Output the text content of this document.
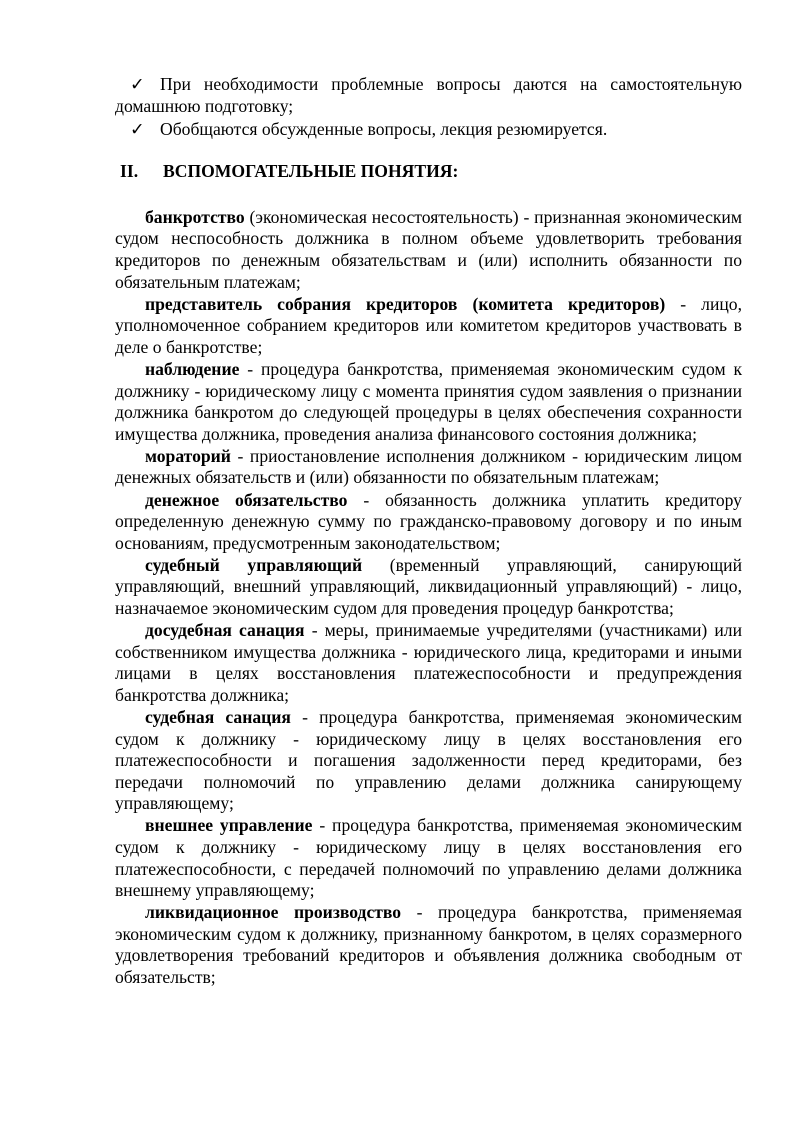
✓ При необходимости проблемные вопросы даются на самостоятельную домашнюю подготовку;
✓ Обобщаются обсужденные вопросы, лекция резюмируется.
II. ВСПОМОГАТЕЛЬНЫЕ ПОНЯТИЯ:

банкротство (экономическая несостоятельность) - признанная экономическим судом неспособность должника в полном объеме удовлетворить требования кредиторов по денежным обязательствам и (или) исполнить обязанности по обязательным платежам;

представитель собрания кредиторов (комитета кредиторов) - лицо, уполномоченное собранием кредиторов или комитетом кредиторов участвовать в деле о банкротстве;

наблюдение - процедура банкротства, применяемая экономическим судом к должнику - юридическому лицу с момента принятия судом заявления о признании должника банкротом до следующей процедуры в целях обеспечения сохранности имущества должника, проведения анализа финансового состояния должника;

мораторий - приостановление исполнения должником - юридическим лицом денежных обязательств и (или) обязанности по обязательным платежам;

денежное обязательство - обязанность должника уплатить кредитору определенную денежную сумму по гражданско-правовому договору и по иным основаниям, предусмотренным законодательством;

судебный управляющий (временный управляющий, санирующий управляющий, внешний управляющий, ликвидационный управляющий) - лицо, назначаемое экономическим судом для проведения процедур банкротства;

досудебная санация - меры, принимаемые учредителями (участниками) или собственником имущества должника - юридического лица, кредиторами и иными лицами в целях восстановления платежеспособности и предупреждения банкротства должника;

судебная санация - процедура банкротства, применяемая экономическим судом к должнику - юридическому лицу в целях восстановления его платежеспособности и погашения задолженности перед кредиторами, без передачи полномочий по управлению делами должника санирующему управляющему;

внешнее управление - процедура банкротства, применяемая экономическим судом к должнику - юридическому лицу в целях восстановления его платежеспособности, с передачей полномочий по управлению делами должника внешнему управляющему;

ликвидационное производство - процедура банкротства, применяемая экономическим судом к должнику, признанному банкротом, в целях соразмерного удовлетворения требований кредиторов и объявления должника свободным от обязательств;
